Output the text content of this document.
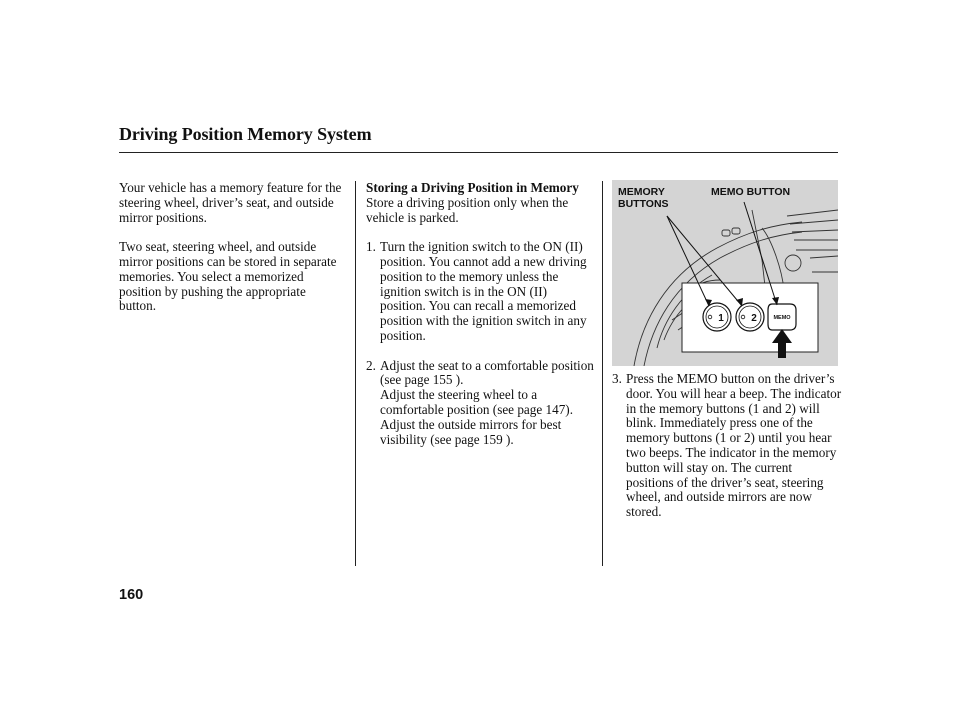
Driving Position Memory System

Your vehicle has a memory feature for the steering wheel, driver’s seat, and outside mirror positions.

Two seat, steering wheel, and outside mirror positions can be stored in separate memories. You select a memorized position by pushing the appropriate button.

Storing a Driving Position in Memory

Store a driving position only when the vehicle is parked.

1. Turn the ignition switch to the ON (II) position. You cannot add a new driving position to the memory unless the ignition switch is in the ON (II) position. You can recall a memorized position with the ignition switch in any position.
2. Adjust the seat to a comfortable position (see page 155 ).
Adjust the steering wheel to a comfortable position (see page 147).
Adjust the outside mirrors for best visibility (see page 159 ).
1	2	MEMO
MEMORY BUTTONS
MEMO BUTTON
3. Press the MEMO button on the driver’s door. You will hear a beep. The indicator in the memory buttons (1 and 2) will blink. Immediately press one of the memory buttons (1 or 2) until you hear two beeps. The indicator in the memory button will stay on. The current positions of the driver’s seat, steering wheel, and outside mirrors are now stored.
160
